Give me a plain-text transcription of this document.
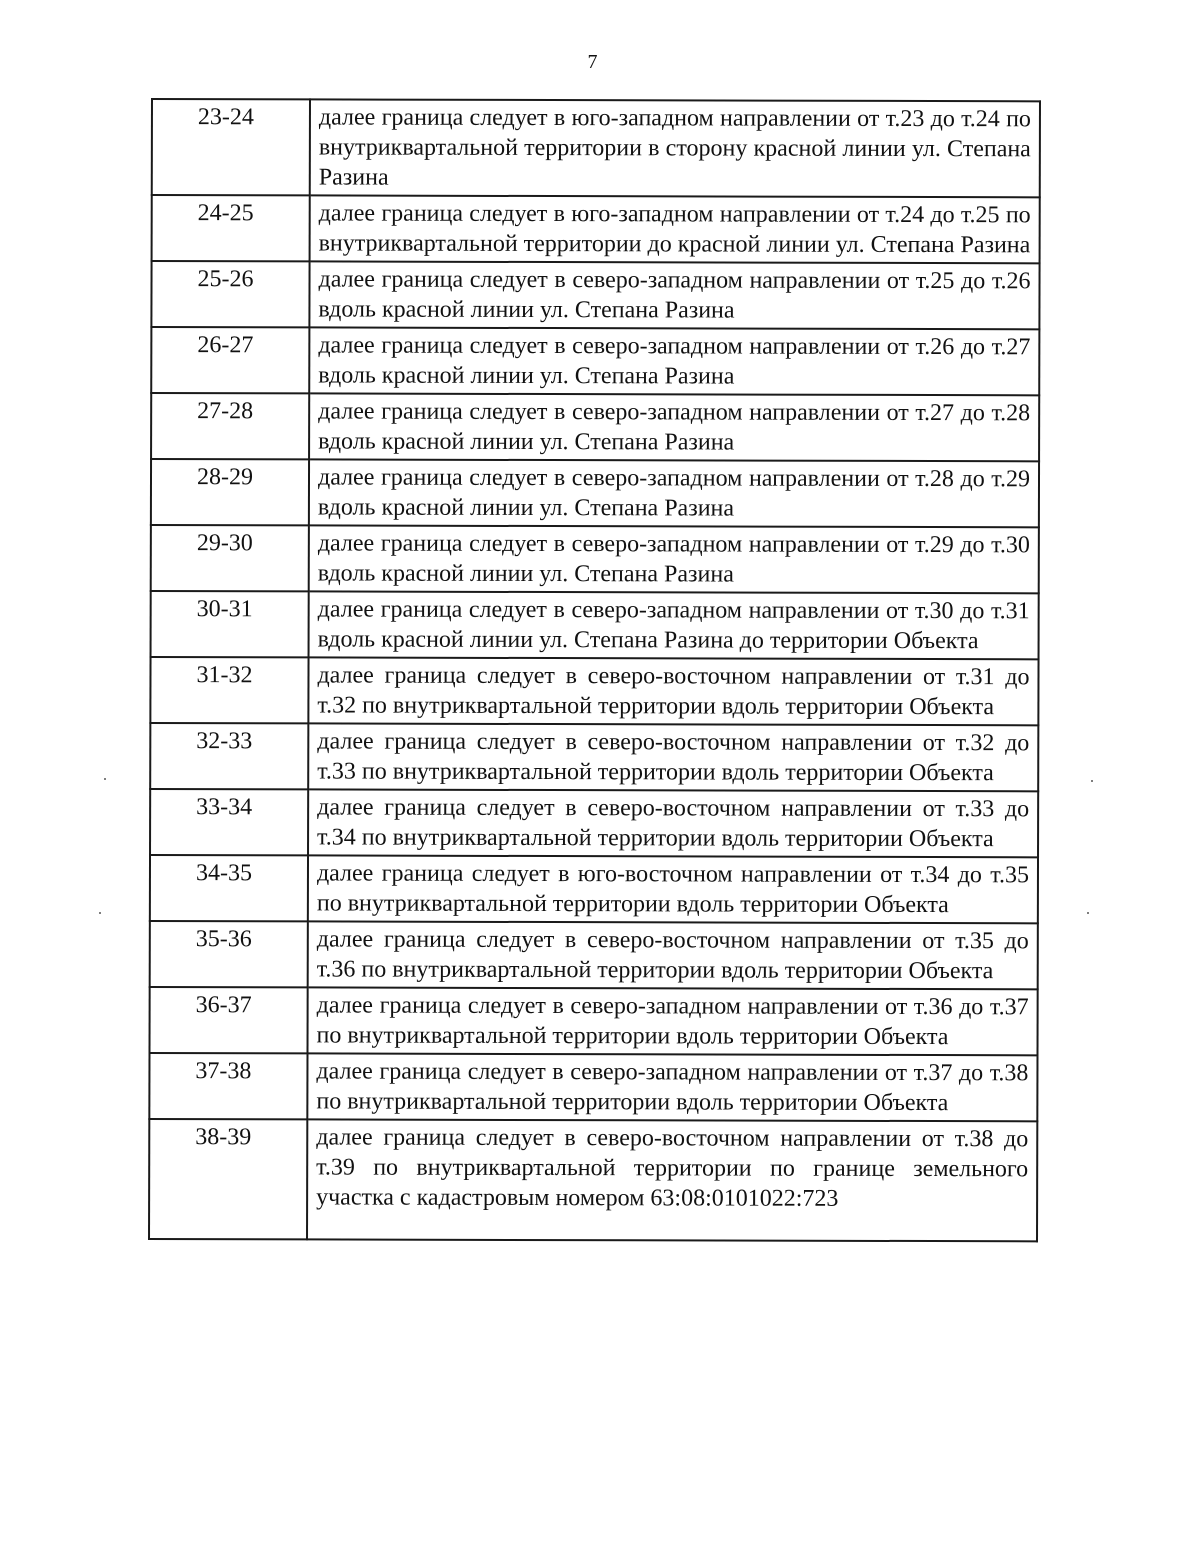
7
23-24	далее граница следует в юго-западном направлении от т.23 до т.24 по внутриквартальной территории в сторону красной линии ул. Степана Разина
24-25	далее граница следует в юго-западном направлении от т.24 до т.25 по внутриквартальной территории до красной линии ул. Степана Разина
25-26	далее граница следует в северо-западном направлении от т.25 до т.26 вдоль красной линии ул. Степана Разина
26-27	далее граница следует в северо-западном направлении от т.26 до т.27 вдоль красной линии ул. Степана Разина
27-28	далее граница следует в северо-западном направлении от т.27 до т.28 вдоль красной линии ул. Степана Разина
28-29	далее граница следует в северо-западном направлении от т.28 до т.29 вдоль красной линии ул. Степана Разина
29-30	далее граница следует в северо-западном направлении от т.29 до т.30 вдоль красной линии ул. Степана Разина
30-31	далее граница следует в северо-западном направлении от т.30 до т.31 вдоль красной линии ул. Степана Разина до территории Объекта
31-32	далее граница следует в северо-восточном направлении от т.31 до т.32 по внутриквартальной территории вдоль территории Объекта
32-33	далее граница следует в северо-восточном направлении от т.32 до т.33 по внутриквартальной территории вдоль территории Объекта
33-34	далее граница следует в северо-восточном направлении от т.33 до т.34 по внутриквартальной территории вдоль территории Объекта
34-35	далее граница следует в юго-восточном направлении от т.34 до т.35 по внутриквартальной территории вдоль территории Объекта
35-36	далее граница следует в северо-восточном направлении от т.35 до т.36 по внутриквартальной территории вдоль территории Объекта
36-37	далее граница следует в северо-западном направлении от т.36 до т.37 по внутриквартальной территории вдоль территории Объекта
37-38	далее граница следует в северо-западном направлении от т.37 до т.38 по внутриквартальной территории вдоль территории Объекта
38-39	далее граница следует в северо-восточном направлении от т.38 до т.39 по внутриквартальной территории по границе земельного участка с кадастровым номером 63:08:0101022:723
